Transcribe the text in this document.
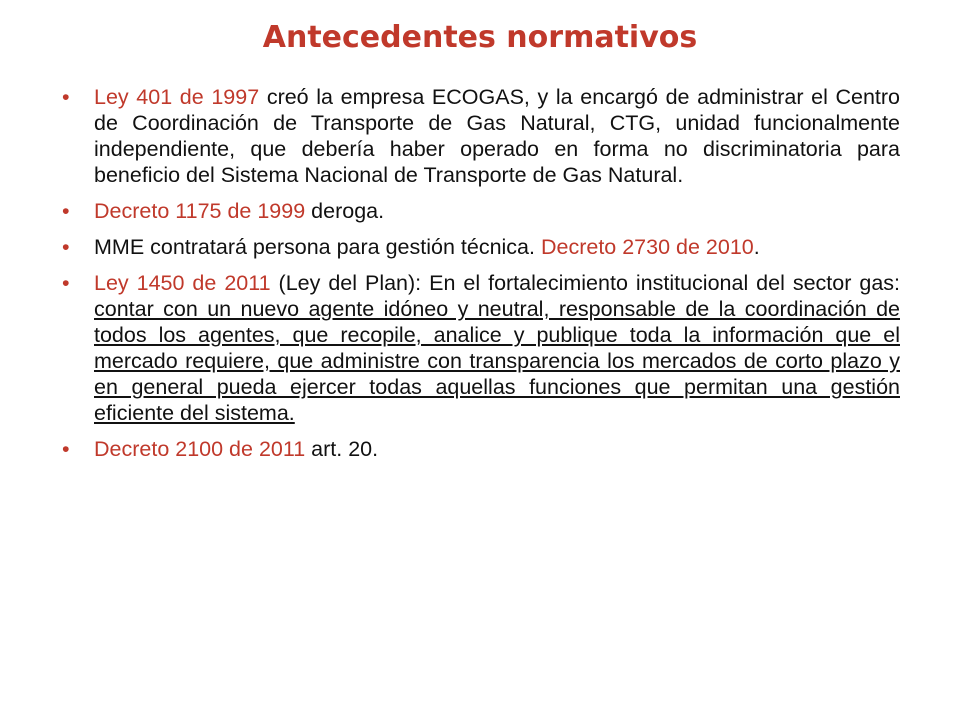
Antecedentes normativos
• Ley 401 de 1997 creó la empresa ECOGAS, y la encargó de administrar el Centro de Coordinación de Transporte de Gas Natural, CTG, unidad funcionalmente independiente, que debería haber operado en forma no discriminatoria para beneficio del Sistema Nacional de Transporte de Gas Natural.
• Decreto 1175 de 1999 deroga.
• MME contratará persona para gestión técnica. Decreto 2730 de 2010.
• Ley 1450 de 2011 (Ley del Plan): En el fortalecimiento institucional del sector gas: contar con un nuevo agente idóneo y neutral, responsable de la coordinación de todos los agentes, que recopile, analice y publique toda la información que el mercado requiere, que administre con transparencia los mercados de corto plazo y en general pueda ejercer todas aquellas funciones que permitan una gestión eficiente del sistema.
• Decreto 2100 de 2011 art. 20.
